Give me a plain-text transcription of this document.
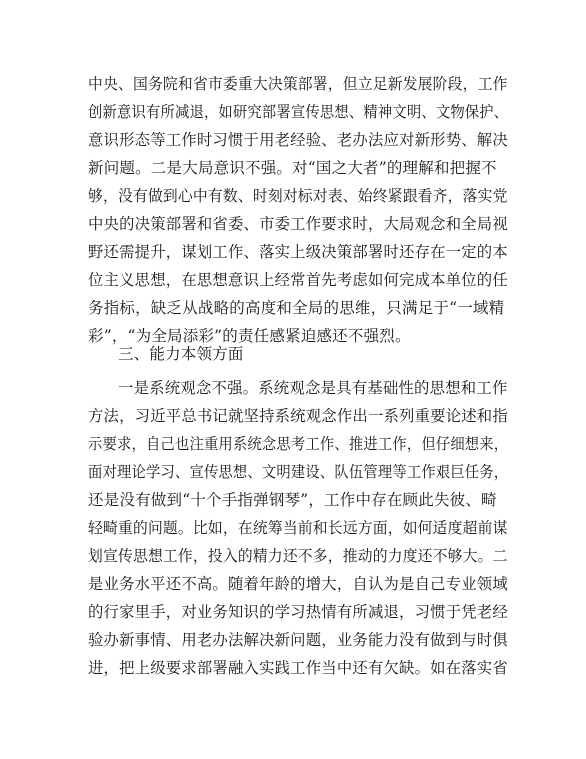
中央、国务院和省市委重大决策部署，但立足新发展阶段，工作
创新意识有所减退，如研究部署宣传思想、精神文明、文物保护、
意识形态等工作时习惯于用老经验、老办法应对新形势、解决
新问题。二是大局意识不强。对“国之大者”的理解和把握不
够，没有做到心中有数、时刻对标对表、始终紧跟看齐，落实党
中央的决策部署和省委、市委工作要求时，大局观念和全局视
野还需提升，谋划工作、落实上级决策部署时还存在一定的本
位主义思想，在思想意识上经常首先考虑如何完成本单位的任
务指标，缺乏从战略的高度和全局的思维，只满足于“一域精
彩”，“为全局添彩”的责任感紧迫感还不强烈。
三、能力本领方面
一是系统观念不强。系统观念是具有基础性的思想和工作
方法，习近平总书记就坚持系统观念作出一系列重要论述和指
示要求，自己也注重用系统念思考工作、推进工作，但仔细想来，
面对理论学习、宣传思想、文明建设、队伍管理等工作艰巨任务，
还是没有做到“十个手指弹钢琴”，工作中存在顾此失彼、畸
轻畸重的问题。比如，在统筹当前和长远方面，如何适度超前谋
划宣传思想工作，投入的精力还不多，推动的力度还不够大。二
是业务水平还不高。随着年龄的增大，自认为是自己专业领域
的行家里手，对业务知识的学习热情有所减退，习惯于凭老经
验办新事情、用老办法解决新问题，业务能力没有做到与时俱
进，把上级要求部署融入实践工作当中还有欠缺。如在落实省
